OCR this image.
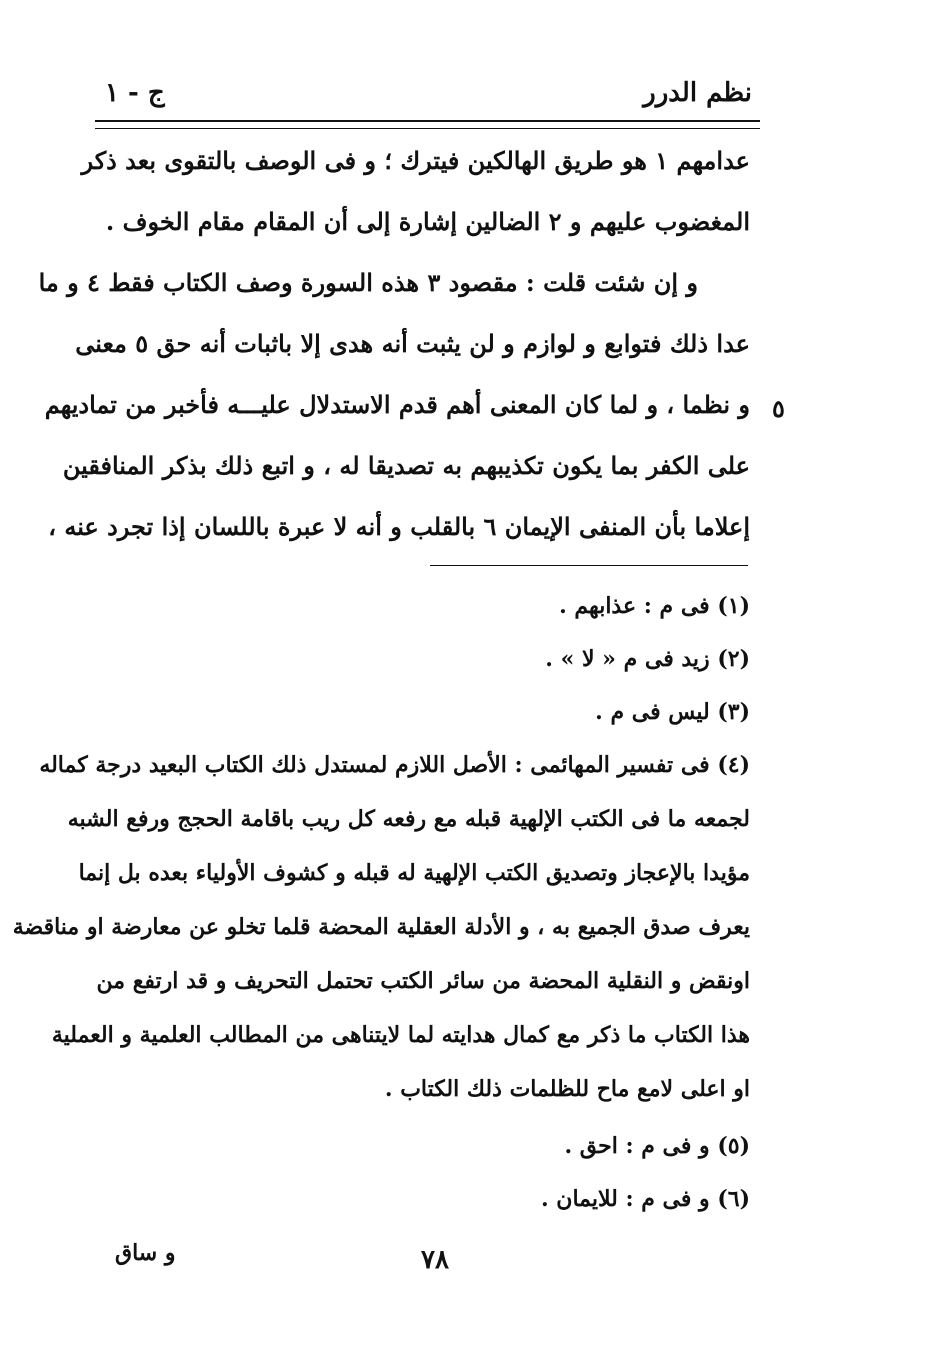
نظم الدرر
ج - ١
عدامهم ۱ هو طريق الهالكين فيترك ؛ و فى الوصف بالتقوى بعد ذكر
المغضوب عليهم و ٢ الضالين إشارة إلى أن المقام مقام الخوف .
و إن شئت قلت : مقصود ٣ هذه السورة وصف الكتاب فقط ٤ و ما
عدا ذلك فتوابع و لوازم و لن يثبت أنه هدى إلا باثبات أنه حق ٥ معنى
و نظما ، و لما كان المعنى أهم قدم الاستدلال عليـــه فأخبر من تماديهم
على الكفر بما يكون تكذيبهم به تصديقا له ، و اتبع ذلك بذكر المنافقين
إعلاما بأن المنفى الإيمان ٦ بالقلب و أنه لا عبرة باللسان إذا تجرد عنه ،
٥
(١) فى م : عذابهم .
(٢) زيد فى م « لا » .
(٣) ليس فى م .
(٤) فى تفسير المهائمى : الأصل اللازم لمستدل ذلك الكتاب البعيد درجة كماله
لجمعه ما فى الكتب الإلهية قبله مع رفعه كل ريب باقامة الحجج ورفع الشبه
مؤيدا بالإعجاز وتصديق الكتب الإلهية له قبله و كشوف الأولياء بعده بل إنما
يعرف صدق الجميع به ، و الأدلة العقلية المحضة قلما تخلو عن معارضة او مناقضة
اونقض و النقلية المحضة من سائر الكتب تحتمل التحريف و قد ارتفع من
هذا الكتاب ما ذكر مع كمال هدايته لما لايتناهى من المطالب العلمية و العملية
او اعلى لامع ماح للظلمات ذلك الكتاب .
(٥) و فى م : احق .
(٦) و فى م : للايمان .
و ساق	٧٨
